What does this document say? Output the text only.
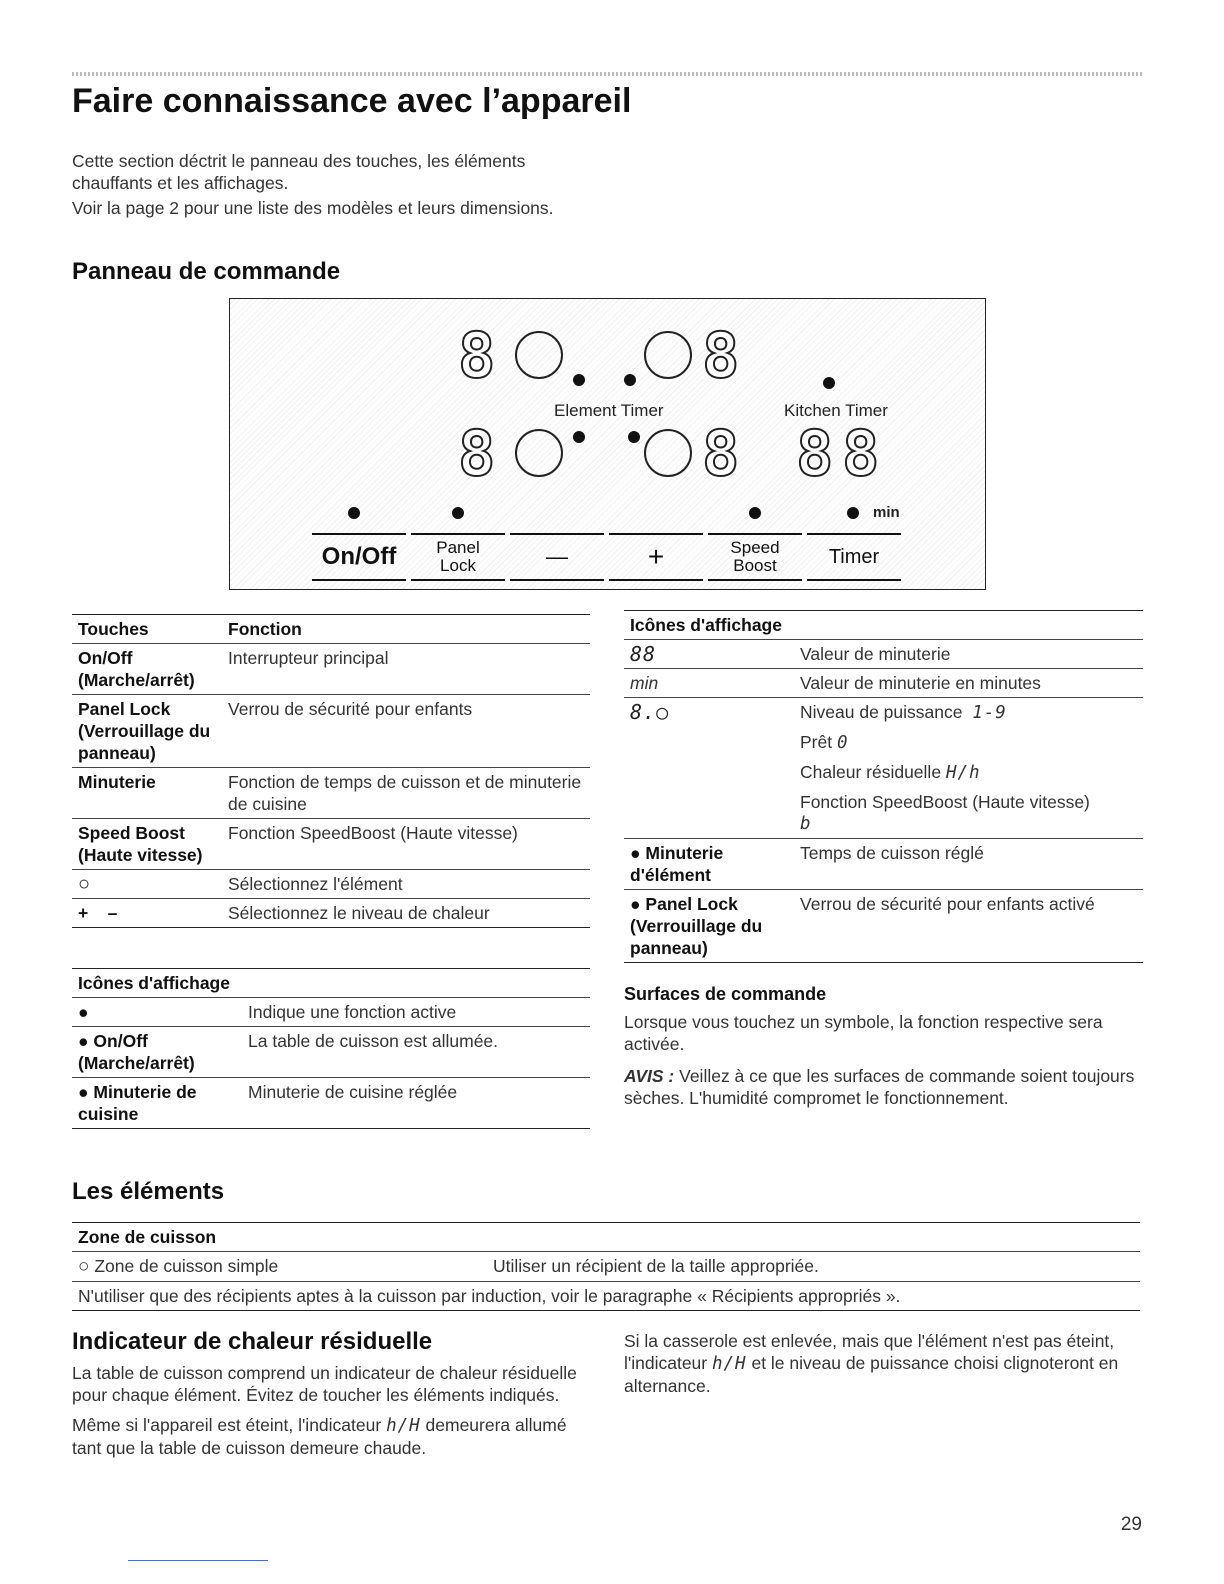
Faire connaissance avec l’appareil

Cette section déctrit le panneau des touches, les éléments chauffants et les affichages.

Voir la page 2 pour une liste des modèles et leurs dimensions.

Panneau de commande
8	8
Element Timer	Kitchen Timer
8	8 8 8
min
On/Off	Panel
Lock	—	+	Speed
Boost	Timer
Touches	Fonction
On/Off (Marche/arrêt)	Interrupteur principal
Panel Lock (Verrouillage du panneau)	Verrou de sécurité pour enfants
Minuterie	Fonction de temps de cuisson et de minuterie de cuisine
Speed Boost (Haute vitesse)	Fonction SpeedBoost (Haute vitesse)
○	Sélectionnez l'élément
+    –	Sélectionnez le niveau de chaleur
Icônes d'affichage	
●	Indique une fonction active
● On/Off (Marche/arrêt)	La table de cuisson est allumée.
● Minuterie de cuisine	Minuterie de cuisine réglée
Icônes d'affichage	
88	Valeur de minuterie
min	Valeur de minuterie en minutes
8.○	Niveau de puissance 1-9
Prêt 0
Chaleur résiduelle H/h
Fonction SpeedBoost (Haute vitesse)
b

● Minuterie d'élément	Temps de cuisson réglé
● Panel Lock (Verrouillage du panneau)	Verrou de sécurité pour enfants activé
Surfaces de commande

Lorsque vous touchez un symbole, la fonction respective sera activée.

AVIS : Veillez à ce que les surfaces de commande soient toujours sèches. L'humidité compromet le fonctionnement.

Les éléments
Zone de cuisson
○ Zone de cuisson simple	Utiliser un récipient de la taille appropriée.
N'utiliser que des récipients aptes à la cuisson par induction, voir le paragraphe « Récipients appropriés ».
Indicateur de chaleur résiduelle

La table de cuisson comprend un indicateur de chaleur résiduelle pour chaque élément. Évitez de toucher les éléments indiqués.

Même si l'appareil est éteint, l'indicateur h/H demeurera allumé tant que la table de cuisson demeure chaude.

Si la casserole est enlevée, mais que l'élément n'est pas éteint, l'indicateur h/H et le niveau de puissance choisi clignoteront en alternance.

29
